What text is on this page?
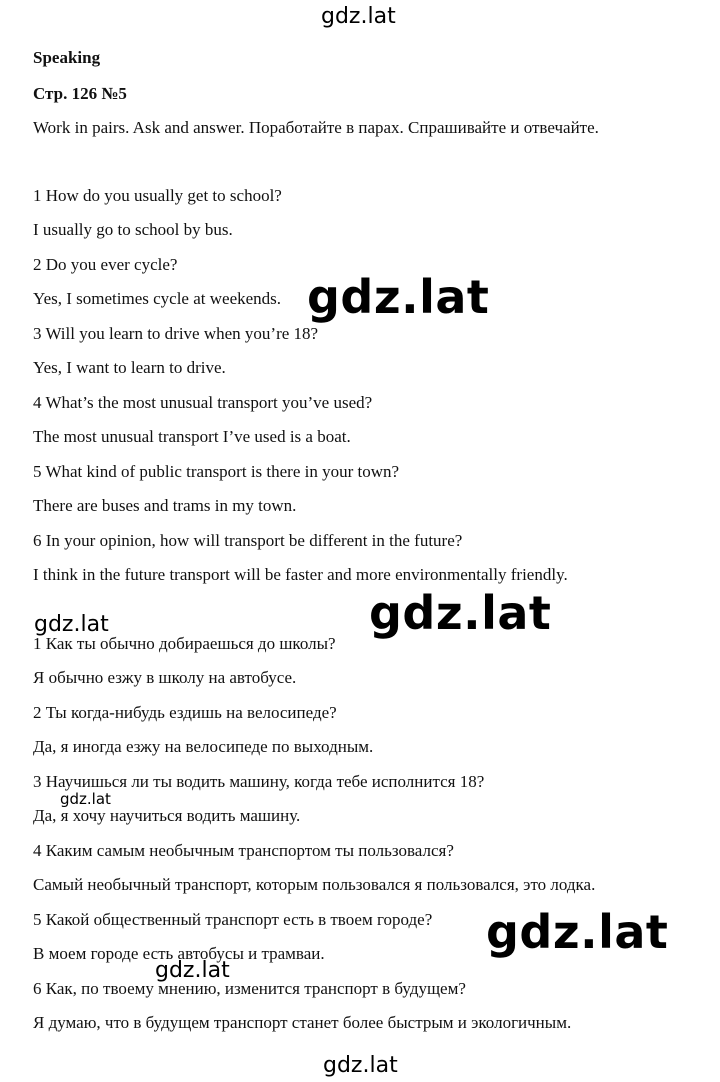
gdz.lat
Speaking
Стр. 126 №5
Work in pairs. Ask and answer. Поработайте в парах. Спрашивайте и отвечайте.
1 How do you usually get to school?
I usually go to school by bus.
2 Do you ever cycle?
Yes, I sometimes cycle at weekends.
3 Will you learn to drive when you’re 18?
Yes, I want to learn to drive.
4 What’s the most unusual transport you’ve used?
The most unusual transport I’ve used is a boat.
5 What kind of public transport is there in your town?
There are buses and trams in my town.
6 In your opinion, how will transport be different in the future?
I think in the future transport will be faster and more environmentally friendly.
1 Как ты обычно добираешься до школы?
Я обычно езжу в школу на автобусе.
2 Ты когда-нибудь ездишь на велосипеде?
Да, я иногда езжу на велосипеде по выходным.
3 Научишься ли ты водить машину, когда тебе исполнится 18?
Да, я хочу научиться водить машину.
4 Каким самым необычным транспортом ты пользовался?
Самый необычный транспорт, которым пользовался я пользовался, это лодка.
5 Какой общественный транспорт есть в твоем городе?
В моем городе есть автобусы и трамваи.
6 Как, по твоему мнению, изменится транспорт в будущем?
Я думаю, что в будущем транспорт станет более быстрым и экологичным.
gdz.lat
gdz.lat	gdz.lat
gdz.lat
gdz.lat
gdz.lat
gdz.lat
